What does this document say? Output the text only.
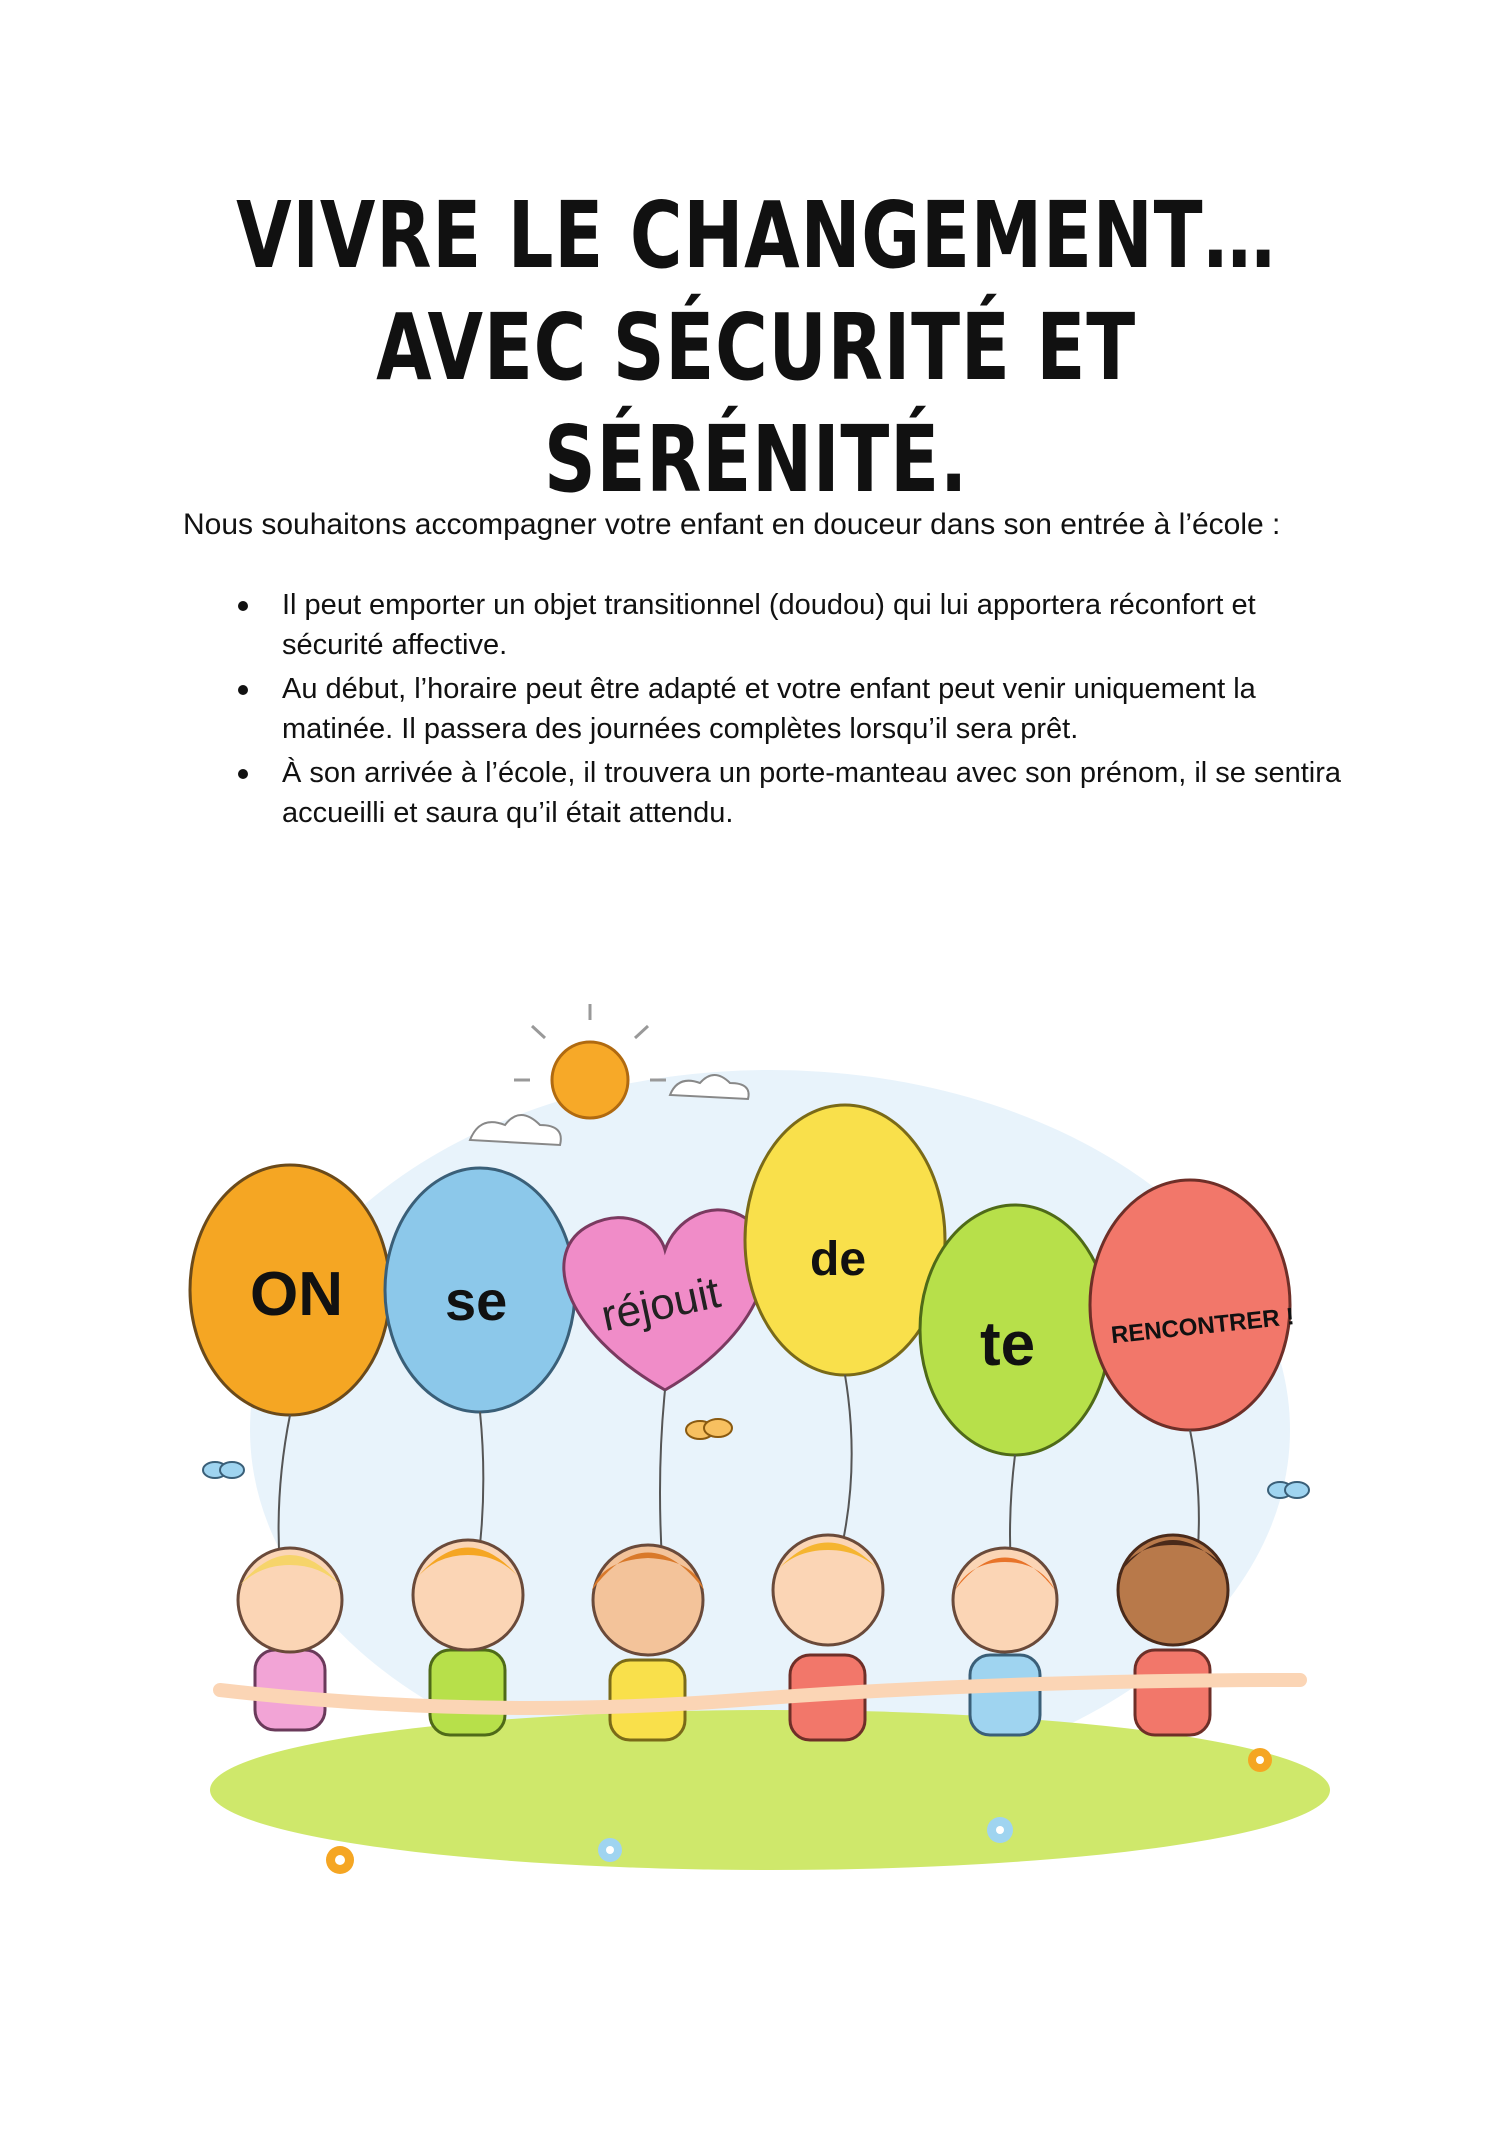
VIVRE LE CHANGEMENT…
AVEC SÉCURITÉ ET SÉRÉNITÉ.

Nous souhaitons accompagner votre enfant en douceur dans son entrée à l’école :

Il peut emporter un objet transitionnel (doudou) qui lui apportera réconfort et sécurité affective.
Au début, l’horaire peut être adapté et votre enfant peut venir uniquement la matinée. Il passera des journées complètes lorsqu’il sera prêt.
À son arrivée à l’école, il trouvera un porte-manteau avec son prénom, il se sentira accueilli et saura qu’il était attendu.
ON se réjouit
de
te	RENCONTRER !
